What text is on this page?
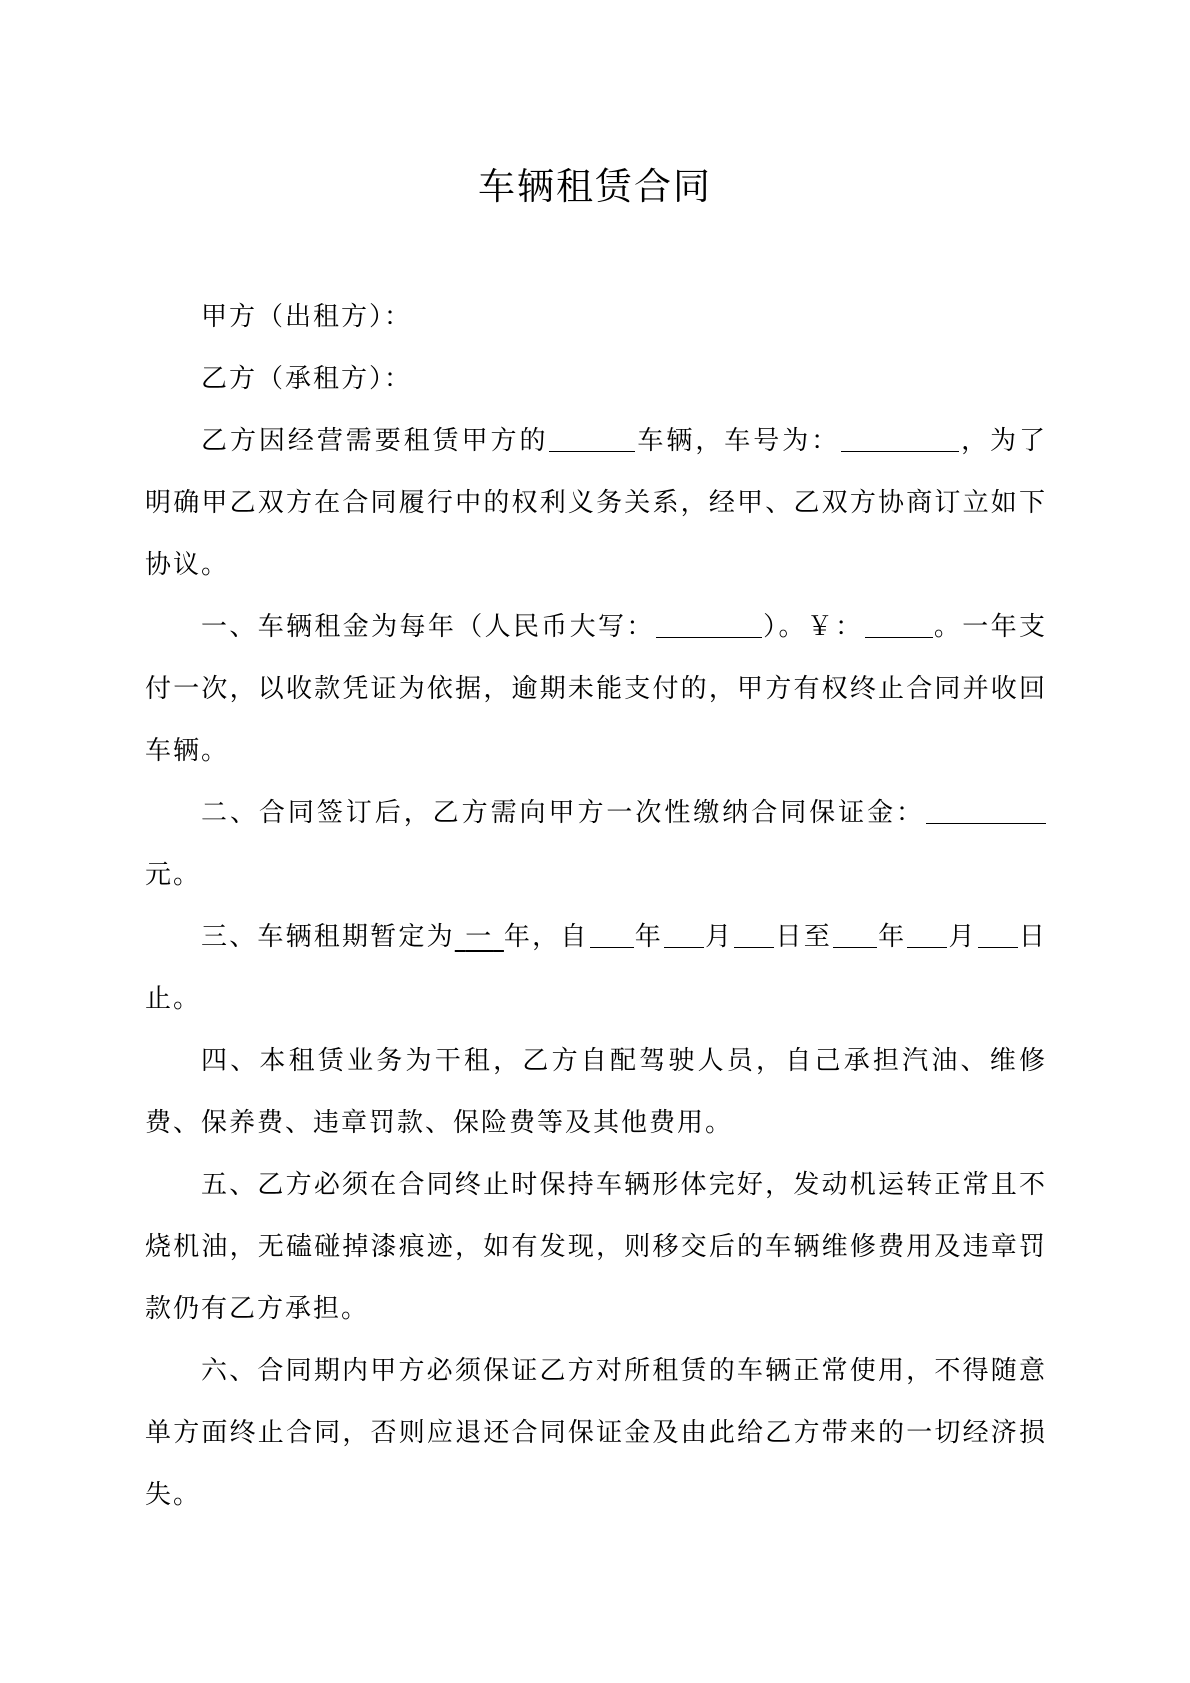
车辆租赁合同

甲方（出租方）：

乙方（承租方）：

乙方因经营需要租赁甲方的	车辆，车号为：	，为了明确甲乙双方在合同履行中的权利义务关系，经甲、乙双方协商订立如下协议。

一、车辆租金为每年（人民币大写：	）。￥：	。一年支付一次，以收款凭证为依据，逾期未能支付的，甲方有权终止合同并收回车辆。

二、合同签订后，乙方需向甲方一次性缴纳合同保证金：元。

三、车辆租期暂定为 一 年，自 年 月 日至 年 月 日止。

四、本租赁业务为干租，乙方自配驾驶人员，自己承担汽油、维修费、保养费、违章罚款、保险费等及其他费用。

五、乙方必须在合同终止时保持车辆形体完好，发动机运转正常且不烧机油，无磕碰掉漆痕迹，如有发现，则移交后的车辆维修费用及违章罚款仍有乙方承担。

六、合同期内甲方必须保证乙方对所租赁的车辆正常使用，不得随意单方面终止合同，否则应退还合同保证金及由此给乙方带来的一切经济损失。
